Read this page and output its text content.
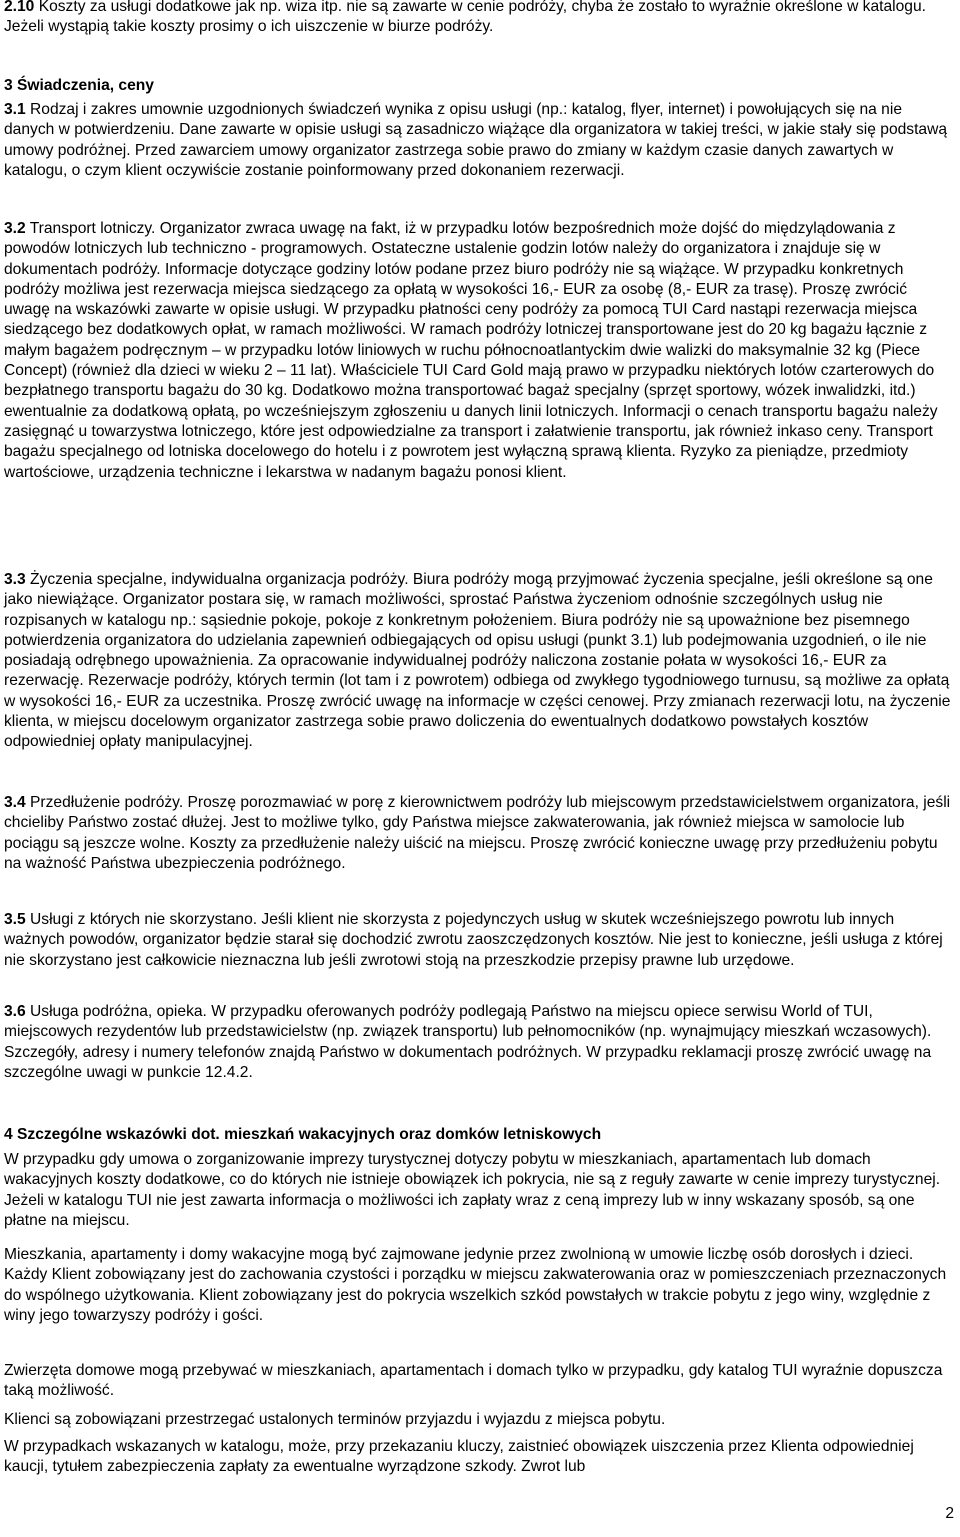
2.10 Koszty za usługi dodatkowe jak np. wiza itp. nie są zawarte w cenie podróży, chyba że zostało to wyraźnie określone w katalogu. Jeżeli wystąpią takie koszty prosimy o ich uiszczenie w biurze podróży.

3 Świadczenia, ceny

3.1 Rodzaj i zakres umownie uzgodnionych świadczeń wynika z opisu usługi (np.: katalog, flyer, internet) i powołujących się na nie danych w potwierdzeniu. Dane zawarte w opisie usługi są zasadniczo wiążące dla organizatora w takiej treści, w jakie stały się podstawą umowy podróżnej. Przed zawarciem umowy organizator zastrzega sobie prawo do zmiany w każdym czasie danych zawartych w katalogu, o czym klient oczywiście zostanie poinformowany przed dokonaniem rezerwacji.

3.2 Transport lotniczy. Organizator zwraca uwagę na fakt, iż w przypadku lotów bezpośrednich może dojść do międzylądowania z powodów lotniczych lub techniczno - programowych. Ostateczne ustalenie godzin lotów należy do organizatora i znajduje się w dokumentach podróży. Informacje dotyczące godziny lotów podane przez biuro podróży nie są wiążące. W przypadku konkretnych podróży możliwa jest rezerwacja miejsca siedzącego za opłatą w wysokości 16,- EUR za osobę (8,- EUR za trasę). Proszę zwrócić uwagę na wskazówki zawarte w opisie usługi. W przypadku płatności ceny podróży za pomocą TUI Card nastąpi rezerwacja miejsca siedzącego bez dodatkowych opłat, w ramach możliwości. W ramach podróży lotniczej transportowane jest do 20 kg bagażu łącznie z małym bagażem podręcznym – w przypadku lotów liniowych w ruchu północnoatlantyckim dwie walizki do maksymalnie 32 kg (Piece Concept) (również dla dzieci w wieku 2 – 11 lat). Właściciele TUI Card Gold mają prawo w przypadku niektórych lotów czarterowych do bezpłatnego transportu bagażu do 30 kg. Dodatkowo można transportować bagaż specjalny (sprzęt sportowy, wózek inwalidzki, itd.) ewentualnie za dodatkową opłatą, po wcześniejszym zgłoszeniu u danych linii lotniczych. Informacji o cenach transportu bagażu należy zasięgnąć u towarzystwa lotniczego, które jest odpowiedzialne za transport i załatwienie transportu, jak również inkaso ceny. Transport bagażu specjalnego od lotniska docelowego do hotelu i z powrotem jest wyłączną sprawą klienta. Ryzyko za pieniądze, przedmioty wartościowe, urządzenia techniczne i lekarstwa w nadanym bagażu ponosi klient.

3.3 Życzenia specjalne, indywidualna organizacja podróży. Biura podróży mogą przyjmować życzenia specjalne, jeśli określone są one jako niewiążące. Organizator postara się, w ramach możliwości, sprostać Państwa życzeniom odnośnie szczególnych usług nie rozpisanych w katalogu np.: sąsiednie pokoje, pokoje z konkretnym położeniem. Biura podróży nie są upoważnione bez pisemnego potwierdzenia organizatora do udzielania zapewnień odbiegających od opisu usługi (punkt 3.1) lub podejmowania uzgodnień, o ile nie posiadają odrębnego upoważnienia. Za opracowanie indywidualnej podróży naliczona zostanie połata w wysokości 16,- EUR za rezerwację. Rezerwacje podróży, których termin (lot tam i z powrotem) odbiega od zwykłego tygodniowego turnusu, są możliwe za opłatą w wysokości 16,- EUR za uczestnika. Proszę zwrócić uwagę na informacje w części cenowej. Przy zmianach rezerwacji lotu, na życzenie klienta, w miejscu docelowym organizator zastrzega sobie prawo doliczenia do ewentualnych dodatkowo powstałych kosztów odpowiedniej opłaty manipulacyjnej.

3.4 Przedłużenie podróży. Proszę porozmawiać w porę z kierownictwem podróży lub miejscowym przedstawicielstwem organizatora, jeśli chcieliby Państwo zostać dłużej. Jest to możliwe tylko, gdy Państwa miejsce zakwaterowania, jak również miejsca w samolocie lub pociągu są jeszcze wolne. Koszty za przedłużenie należy uiścić na miejscu. Proszę zwrócić konieczne uwagę przy przedłużeniu pobytu na ważność Państwa ubezpieczenia podróżnego.

3.5 Usługi z których nie skorzystano. Jeśli klient nie skorzysta z pojedynczych usług w skutek wcześniejszego powrotu lub innych ważnych powodów, organizator będzie starał się dochodzić zwrotu zaoszczędzonych kosztów. Nie jest to konieczne, jeśli usługa z której nie skorzystano jest całkowicie nieznaczna lub jeśli zwrotowi stoją na przeszkodzie przepisy prawne lub urzędowe.

3.6 Usługa podróżna, opieka. W przypadku oferowanych podróży podlegają Państwo na miejscu opiece serwisu World of TUI, miejscowych rezydentów lub przedstawicielstw (np. związek transportu) lub pełnomocników (np. wynajmujący mieszkań wczasowych). Szczegóły, adresy i numery telefonów znajdą Państwo w dokumentach podróżnych. W przypadku reklamacji proszę zwrócić uwagę na szczególne uwagi w punkcie 12.4.2.

4 Szczególne wskazówki dot. mieszkań wakacyjnych oraz domków letniskowych

W przypadku gdy umowa o zorganizowanie imprezy turystycznej dotyczy pobytu w mieszkaniach, apartamentach lub domach wakacyjnych koszty dodatkowe, co do których nie istnieje obowiązek ich pokrycia, nie są z reguły zawarte w cenie imprezy turystycznej. Jeżeli w katalogu TUI nie jest zawarta informacja o możliwości ich zapłaty wraz z ceną imprezy lub w inny wskazany sposób, są one płatne na miejscu.

Mieszkania, apartamenty i domy wakacyjne mogą być zajmowane jedynie przez zwolnioną w umowie liczbę osób dorosłych i dzieci. Każdy Klient zobowiązany jest do zachowania czystości i porządku w miejscu zakwaterowania oraz w pomieszczeniach przeznaczonych do wspólnego użytkowania. Klient zobowiązany jest do pokrycia wszelkich szkód powstałych w trakcie pobytu z jego winy, względnie z winy jego towarzyszy podróży i gości.

Zwierzęta domowe mogą przebywać w mieszkaniach, apartamentach i domach tylko w przypadku, gdy katalog TUI wyraźnie dopuszcza taką możliwość.

Klienci są zobowiązani przestrzegać ustalonych terminów przyjazdu i wyjazdu z miejsca pobytu.

W przypadkach wskazanych w katalogu, może, przy przekazaniu kluczy, zaistnieć obowiązek uiszczenia przez Klienta odpowiedniej kaucji, tytułem zabezpieczenia zapłaty za ewentualne wyrządzone szkody. Zwrot lub

2
